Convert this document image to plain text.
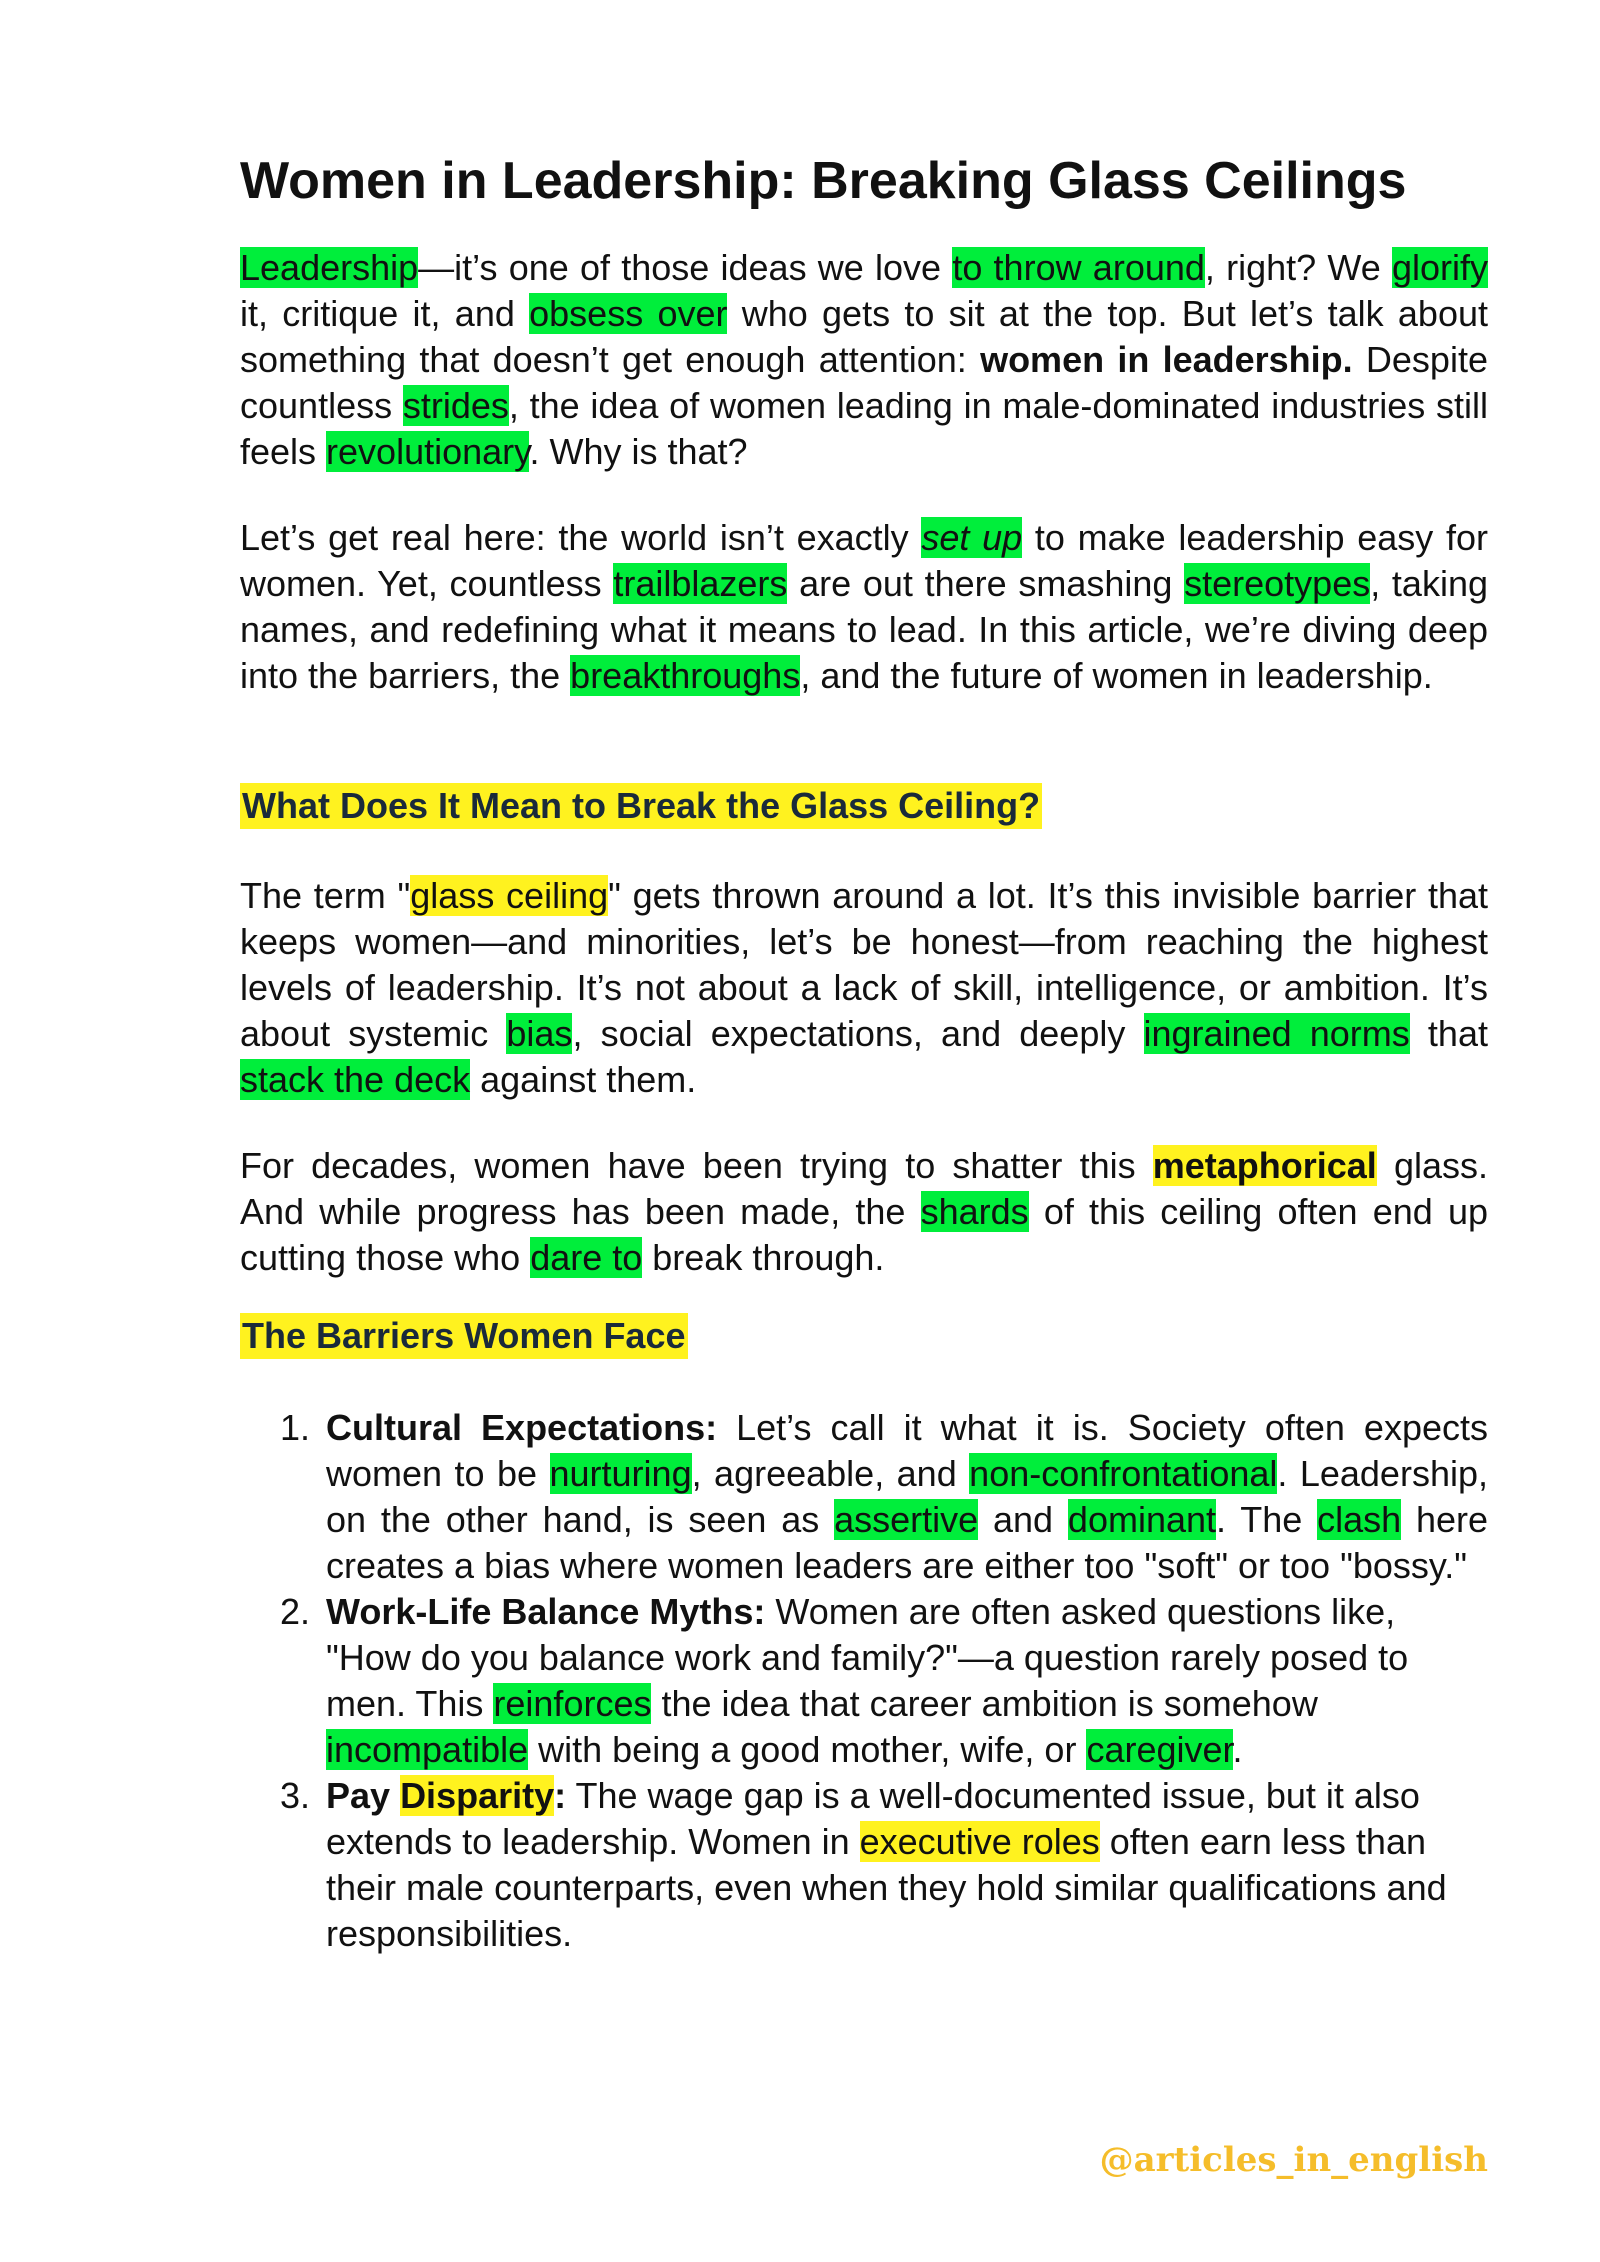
Women in Leadership: Breaking Glass Ceilings

Leadership—it’s one of those ideas we love to throw around, right? We glorify it, critique it, and obsess over who gets to sit at the top. But let’s talk about something that doesn’t get enough attention: women in leadership. Despite countless strides, the idea of women leading in male-dominated industries still feels revolutionary. Why is that?

Let’s get real here: the world isn’t exactly set up to make leadership easy for women. Yet, countless trailblazers are out there smashing stereotypes, taking names, and redefining what it means to lead. In this article, we’re diving deep into the barriers, the breakthroughs, and the future of women in leadership.

What Does It Mean to Break the Glass Ceiling?

The term "glass ceiling" gets thrown around a lot. It’s this invisible barrier that keeps women—and minorities, let’s be honest—from reaching the highest levels of leadership. It’s not about a lack of skill, intelligence, or ambition. It’s about systemic bias, social expectations, and deeply ingrained norms that stack the deck against them.

For decades, women have been trying to shatter this metaphorical glass. And while progress has been made, the shards of this ceiling often end up cutting those who dare to break through.

The Barriers Women Face
1. Cultural Expectations: Let’s call it what it is. Society often expects women to be nurturing, agreeable, and non-confrontational. Leadership, on the other hand, is seen as assertive and dominant. The clash here creates a bias where women leaders are either too "soft" or too "bossy."
2. Work-Life Balance Myths: Women are often asked questions like, "How do you balance work and family?"—a question rarely posed to men. This reinforces the idea that career ambition is somehow incompatible with being a good mother, wife, or caregiver.
3. Pay Disparity: The wage gap is a well-documented issue, but it also extends to leadership. Women in executive roles often earn less than their male counterparts, even when they hold similar qualifications and responsibilities.
@articles_in_english
